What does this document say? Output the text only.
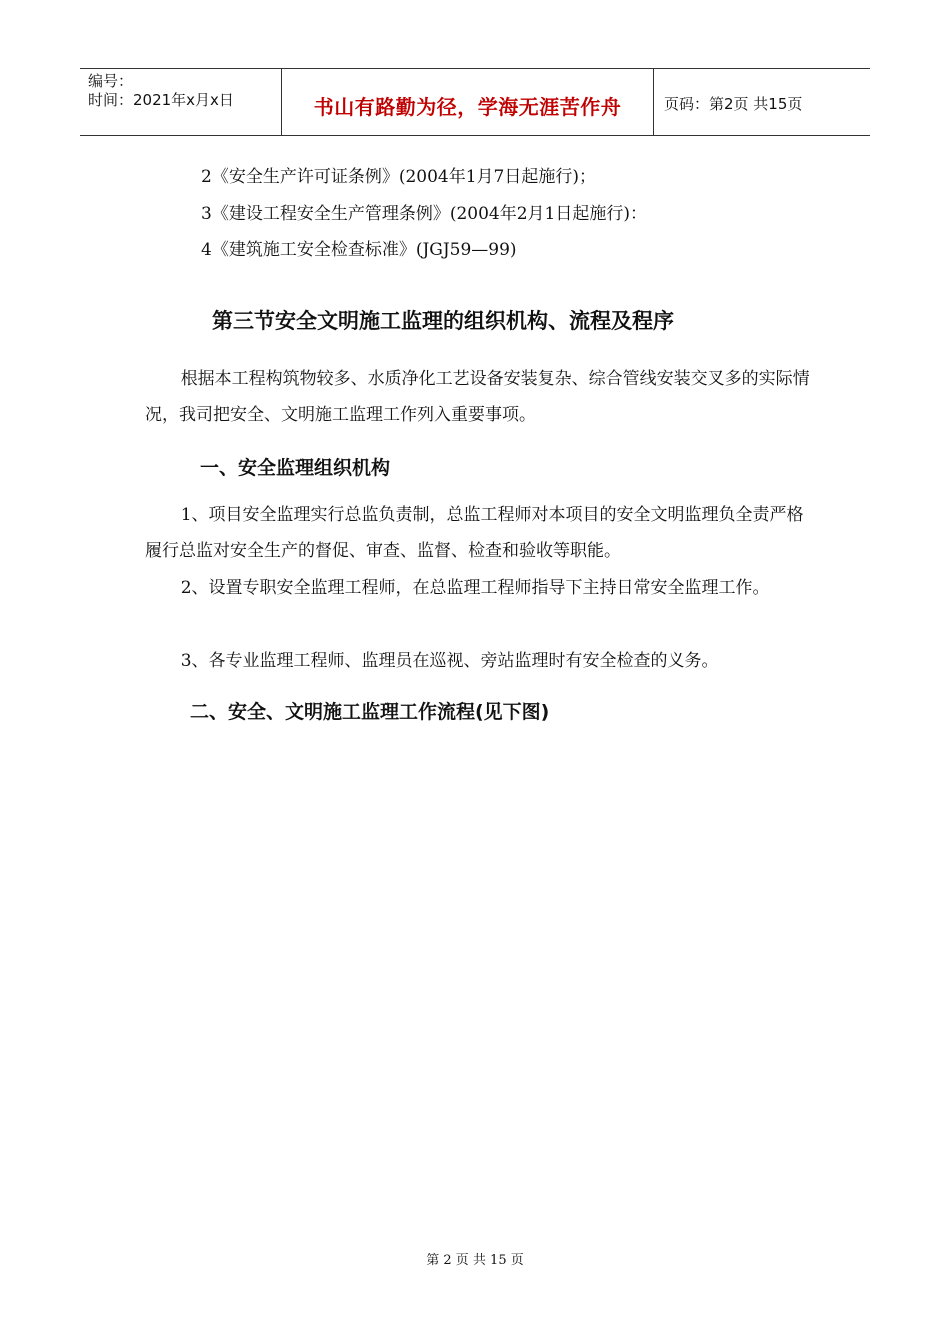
编号：
时间：2021年x月x日	书山有路勤为径，学海无涯苦作舟	页码：第2页 共15页
2《安全生产许可证条例》(2004年1月7日起施行)；
3《建设工程安全生产管理条例》(2004年2月1日起施行)：
4《建筑施工安全检查标准》(JGJ59—99)
第三节安全文明施工监理的组织机构、流程及程序

根据本工程构筑物较多、水质净化工艺设备安装复杂、综合管线安装交叉多的实际情况，我司把安全、文明施工监理工作列入重要事项。

一、安全监理组织机构

1、项目安全监理实行总监负责制，总监工程师对本项目的安全文明监理负全责严格履行总监对安全生产的督促、审查、监督、检查和验收等职能。

2、设置专职安全监理工程师，在总监理工程师指导下主持日常安全监理工作。

3、各专业监理工程师、监理员在巡视、旁站监理时有安全检查的义务。

二、安全、文明施工监理工作流程(见下图)
第 2 页 共 15 页
